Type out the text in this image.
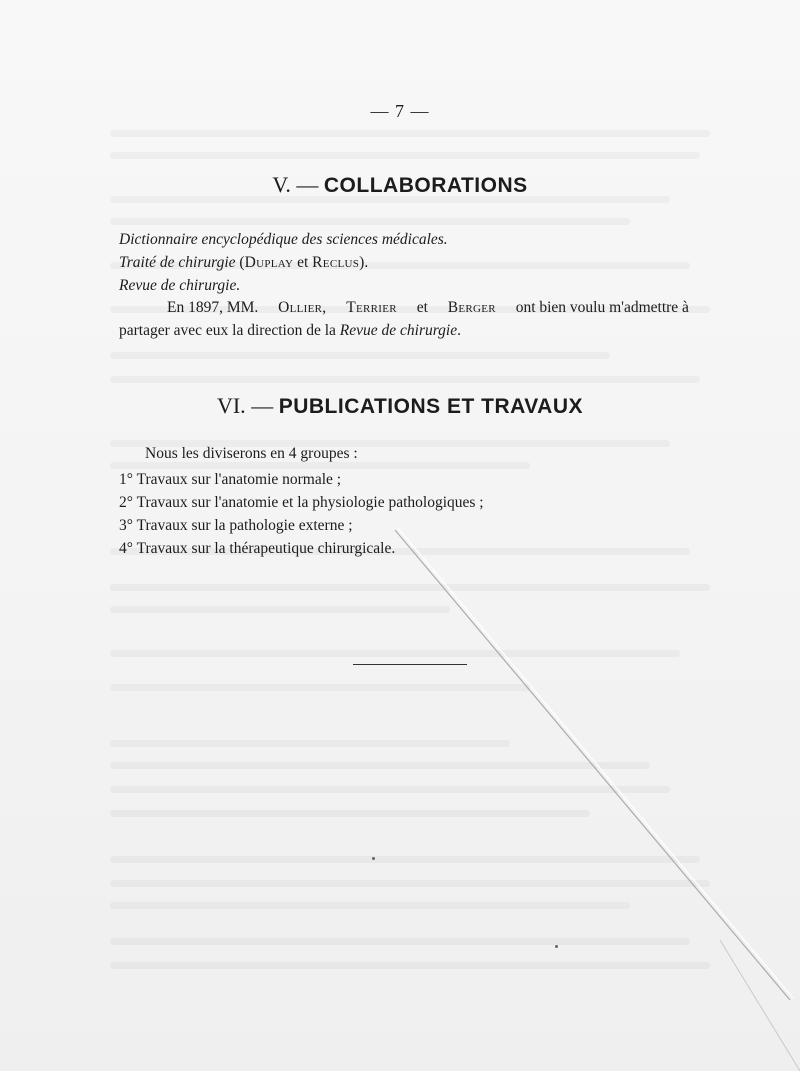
— 7 —
V. — COLLABORATIONS
Dictionnaire encyclopédique des sciences médicales.
Traité de chirurgie (Duplay et Reclus).
Revue de chirurgie.
En 1897, MM. Ollier, Terrier et Berger ont bien voulu m'admettre à
partager avec eux la direction de la Revue de chirurgie.
VI. — PUBLICATIONS ET TRAVAUX
Nous les diviserons en 4 groupes :
1° Travaux sur l'anatomie normale ;
2° Travaux sur l'anatomie et la physiologie pathologiques ;
3° Travaux sur la pathologie externe ;
4° Travaux sur la thérapeutique chirurgicale.
